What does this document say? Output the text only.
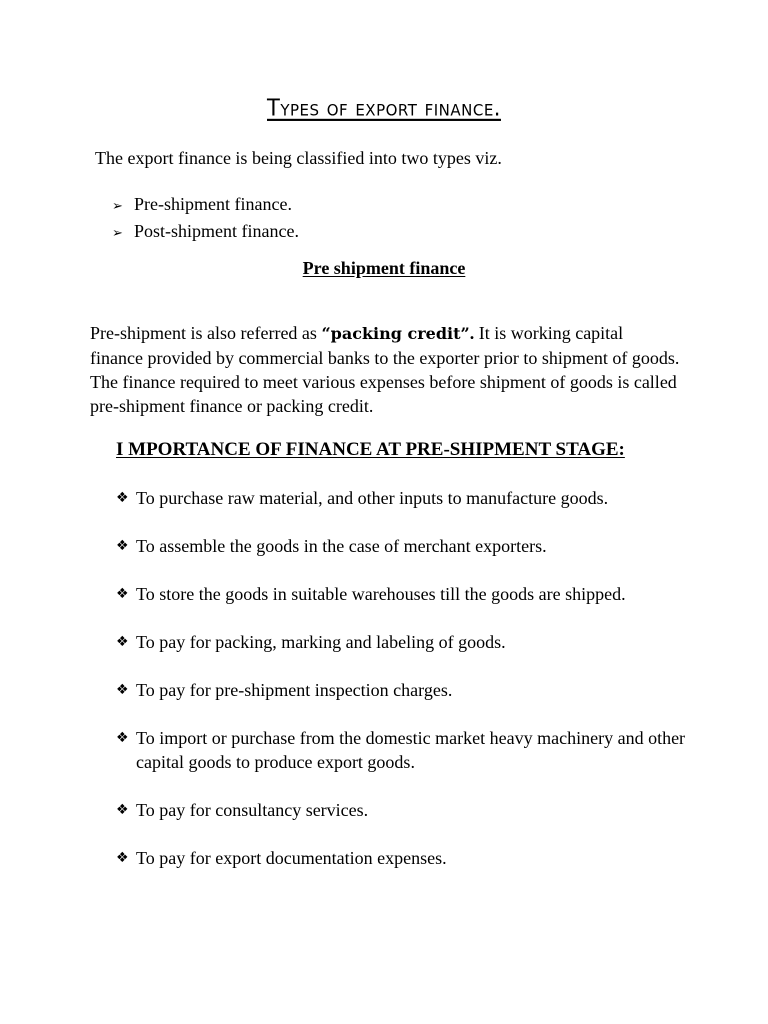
Types of export finance.
The export finance is being classified into two types viz.
➢ Pre-shipment finance.
➢ Post-shipment finance.
Pre shipment finance
Pre-shipment is also referred as “packing credit”. It is working capital finance provided by commercial banks to the exporter prior to shipment of goods. The finance required to meet various expenses before shipment of goods is called pre-shipment finance or packing credit.
I MPORTANCE OF FINANCE AT PRE-SHIPMENT STAGE:
❖ To purchase raw material, and other inputs to manufacture goods.
❖ To assemble the goods in the case of merchant exporters.
❖ To store the goods in suitable warehouses till the goods are shipped.
❖ To pay for packing, marking and labeling of goods.
❖ To pay for pre-shipment inspection charges.
❖ To import or purchase from the domestic market heavy machinery and other capital goods to produce export goods.
❖ To pay for consultancy services.
❖ To pay for export documentation expenses.
